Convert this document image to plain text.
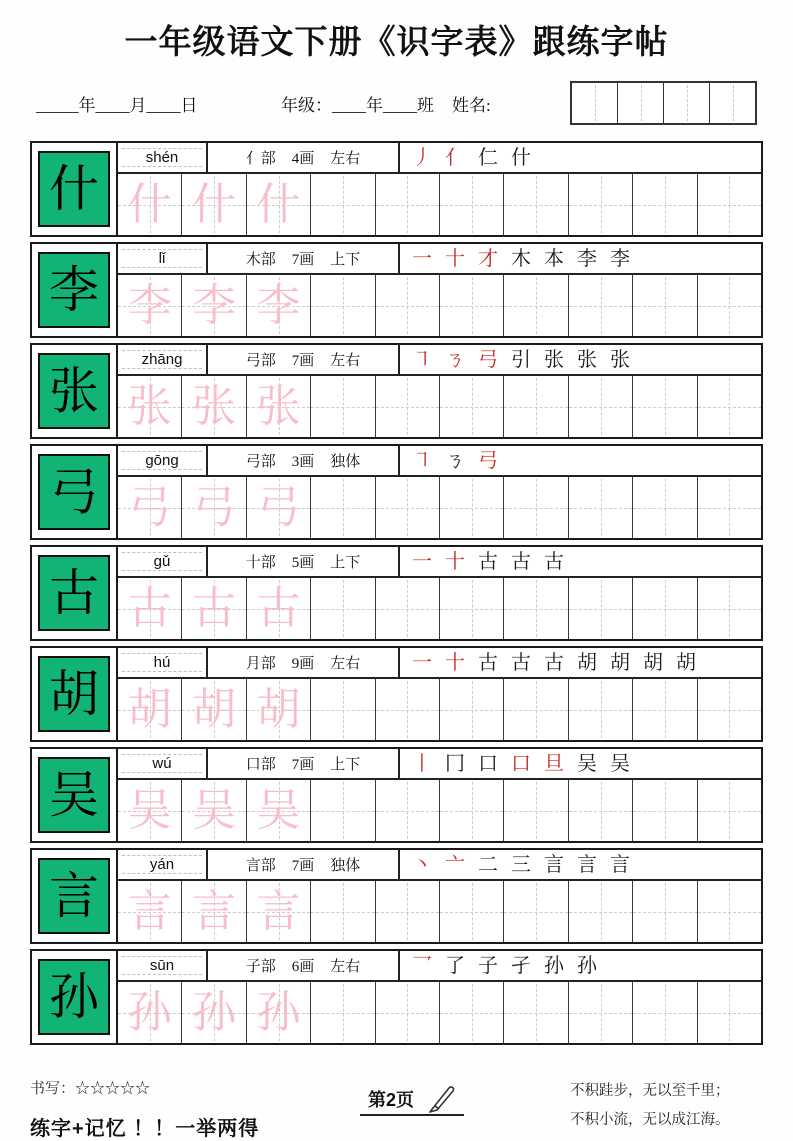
一年级语文下册《识字表》跟练字帖
_____年____月____日	年级：____年____班 姓名:
什
shén	亻部 4画 左右	丿 亻 仁 什
什 什 什
李
lǐ	木部 7画 上下	一 十 才 木 本 李 李
李 李 李
张
zhāng	弓部 7画 左右	㇕ ㄋ 弓 引 张 张 张
张 张 张
弓
gōng	弓部 3画 独体	㇕ ㄋ 弓
弓 弓 弓
古
gǔ	十部 5画 上下	一 十 古 古 古
古 古 古
胡
hú	月部 9画 左右	一 十 古 古 古 胡 胡 胡 胡
胡 胡 胡
吴
wú	口部 7画 上下	丨 冂 口 口 旦 吴 吴
吴 吴 吴
言
yán	言部 7画 独体	丶 亠 二 三 言 言 言
言 言 言
孙
sūn	子部 6画 左右	乛 了 子 孑 孙 孙
孙 孙 孙
书写：☆☆☆☆☆
练字+记忆 ！！一举两得
第2页	不积跬步，无以至千里；
不积小流，无以成江海。
